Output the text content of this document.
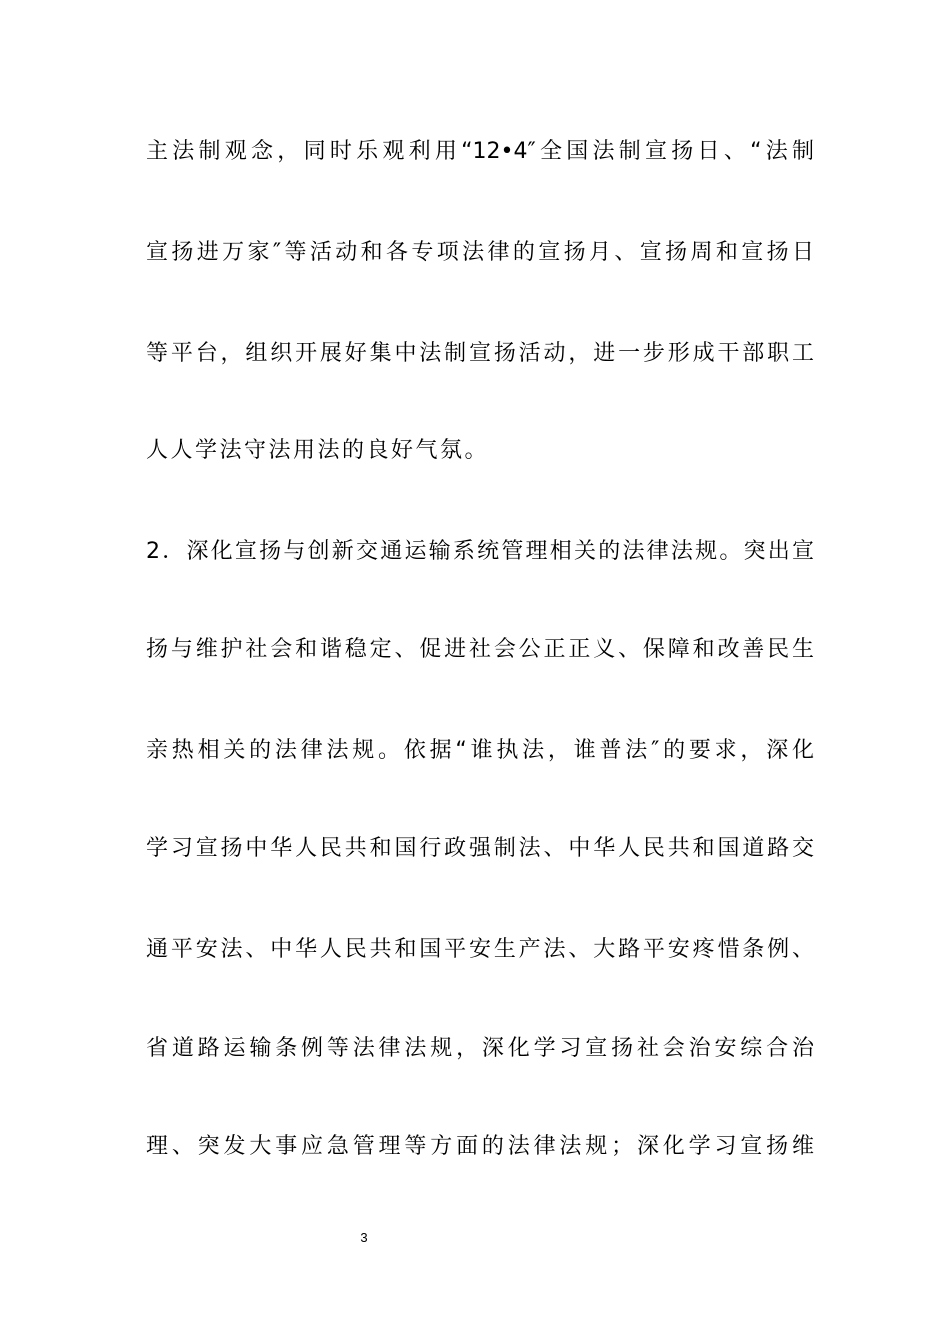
主法制观念，同时乐观利用“12•4″全国法制宣扬日、“法制
宣扬进万家″等活动和各专项法律的宣扬月、宣扬周和宣扬日
等平台，组织开展好集中法制宣扬活动，进一步形成干部职工
人人学法守法用法的良好气氛。
2．深化宣扬与创新交通运输系统管理相关的法律法规。突出宣
扬与维护社会和谐稳定、促进社会公正正义、保障和改善民生
亲热相关的法律法规。依据“谁执法，谁普法″的要求，深化
学习宣扬中华人民共和国行政强制法、中华人民共和国道路交
通平安法、中华人民共和国平安生产法、大路平安疼惜条例、
省道路运输条例等法律法规，深化学习宣扬社会治安综合治
理、突发大事应急管理等方面的法律法规；深化学习宣扬维
3
